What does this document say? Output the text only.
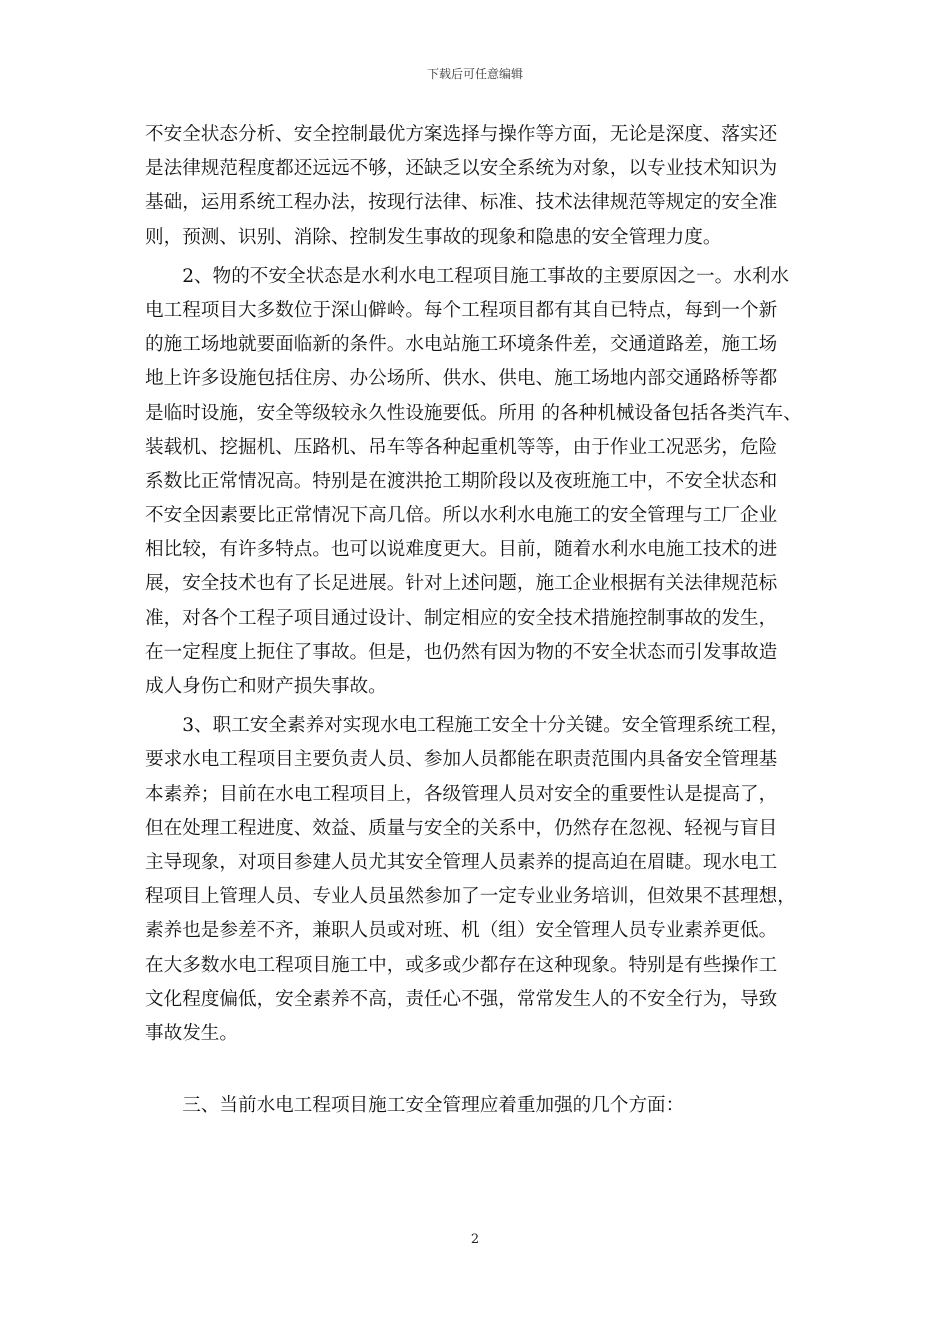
下载后可任意编辑
不安全状态分析、安全控制最优方案选择与操作等方面，无论是深度、落实还
是法律规范程度都还远远不够，还缺乏以安全系统为对象，以专业技术知识为
基础，运用系统工程办法，按现行法律、标准、技术法律规范等规定的安全准
则，预测、识别、消除、控制发生事故的现象和隐患的安全管理力度。
　　2、物的不安全状态是水利水电工程项目施工事故的主要原因之一。水利水
电工程项目大多数位于深山僻岭。每个工程项目都有其自已特点，每到一个新
的施工场地就要面临新的条件。水电站施工环境条件差，交通道路差，施工场
地上许多设施包括住房、办公场所、供水、供电、施工场地内部交通路桥等都
是临时设施，安全等级较永久性设施要低。所用 的各种机械设备包括各类汽车、
装载机、挖掘机、压路机、吊车等各种起重机等等，由于作业工况恶劣，危险
系数比正常情况高。特别是在渡洪抢工期阶段以及夜班施工中，不安全状态和
不安全因素要比正常情况下高几倍。所以水利水电施工的安全管理与工厂企业
相比较，有许多特点。也可以说难度更大。目前，随着水利水电施工技术的进
展，安全技术也有了长足进展。针对上述问题，施工企业根据有关法律规范标
准，对各个工程子项目通过设计、制定相应的安全技术措施控制事故的发生，
在一定程度上扼住了事故。但是，也仍然有因为物的不安全状态而引发事故造
成人身伤亡和财产损失事故。
　　3、职工安全素养对实现水电工程施工安全十分关键。安全管理系统工程，
要求水电工程项目主要负责人员、参加人员都能在职责范围内具备安全管理基
本素养；目前在水电工程项目上，各级管理人员对安全的重要性认是提高了，
但在处理工程进度、效益、质量与安全的关系中，仍然存在忽视、轻视与盲目
主导现象，对项目参建人员尤其安全管理人员素养的提高迫在眉睫。现水电工
程项目上管理人员、专业人员虽然参加了一定专业业务培训，但效果不甚理想，
素养也是参差不齐，兼职人员或对班、机（组）安全管理人员专业素养更低。
在大多数水电工程项目施工中，或多或少都存在这种现象。特别是有些操作工
文化程度偏低，安全素养不高，责任心不强，常常发生人的不安全行为，导致
事故发生。
　　三、当前水电工程项目施工安全管理应着重加强的几个方面：
2
